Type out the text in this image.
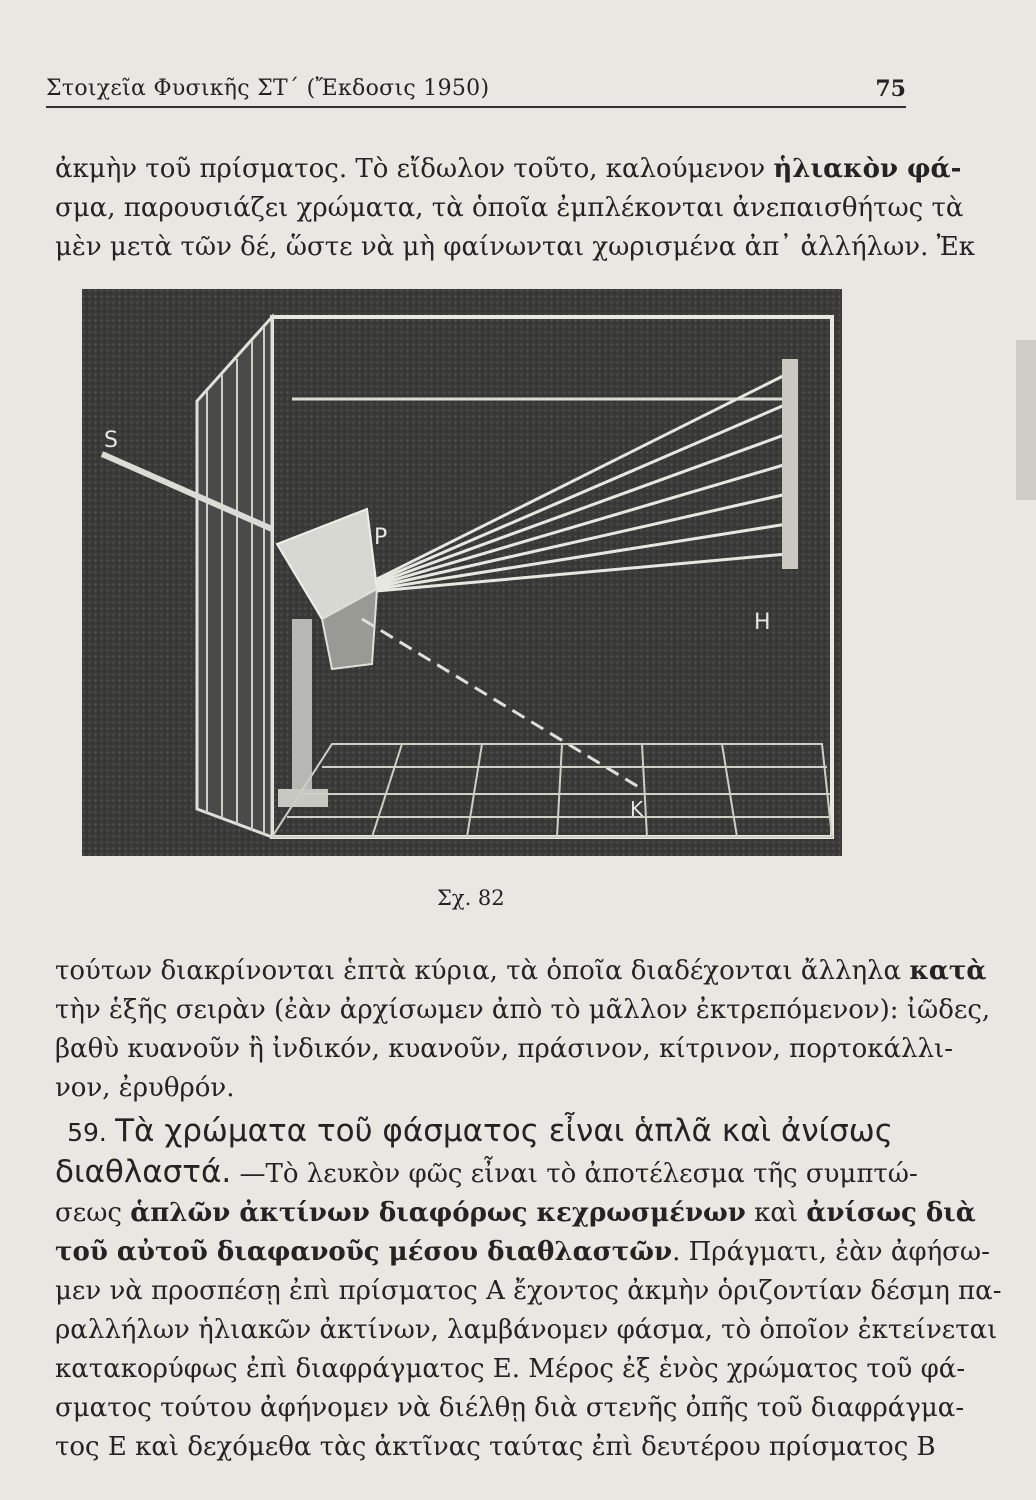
Στοιχεῖα Φυσικῆς ΣΤ΄ (Ἔκδοσις 1950)	75
ἀκμὴν τοῦ πρίσματος. Τὸ εἴδωλον τοῦτο, καλούμενον ἡλιακὸν φά-
σμα, παρουσιάζει χρώματα, τὰ ὁποῖα ἐμπλέκονται ἀνεπαισθήτως τὰ
μὲν μετὰ τῶν δέ, ὥστε νὰ μὴ φαίνωνται χωρισμένα ἀπ᾽ ἀλλήλων. Ἐκ
S
P
H
K
Σχ. 82
τούτων διακρίνονται ἑπτὰ κύρια, τὰ ὁποῖα διαδέχονται ἄλληλα κατὰ
τὴν ἑξῆς σειρὰν (ἐὰν ἀρχίσωμεν ἀπὸ τὸ μᾶλλον ἐκτρεπόμενον): ἰῶδες,
βαθὺ κυανοῦν ἢ ἰνδικόν, κυανοῦν, πράσινον, κίτρινον, πορτοκάλλι-
νον, ἐρυθρόν.
59. Τὰ χρώματα τοῦ φάσματος εἶναι ἁπλᾶ καὶ ἀνίσως
διαθλαστά. —Τὸ λευκὸν φῶς εἶναι τὸ ἀποτέλεσμα τῆς συμπτώ-
σεως ἁπλῶν ἀκτίνων διαφόρως κεχρωσμένων καὶ ἀνίσως διὰ
τοῦ αὐτοῦ διαφανοῦς μέσου διαθλαστῶν. Πράγματι, ἐὰν ἀφήσω-
μεν νὰ προσπέσῃ ἐπὶ πρίσματος Α ἔχοντος ἀκμὴν ὁριζοντίαν δέσμη πα-
ραλλήλων ἡλιακῶν ἀκτίνων, λαμβάνομεν φάσμα, τὸ ὁποῖον ἐκτείνεται
κατακορύφως ἐπὶ διαφράγματος Ε. Μέρος ἐξ ἑνὸς χρώματος τοῦ φά-
σματος τούτου ἀφήνομεν νὰ διέλθῃ διὰ στενῆς ὀπῆς τοῦ διαφράγμα-
τος Ε καὶ δεχόμεθα τὰς ἀκτῖνας ταύτας ἐπὶ δευτέρου πρίσματος Β
